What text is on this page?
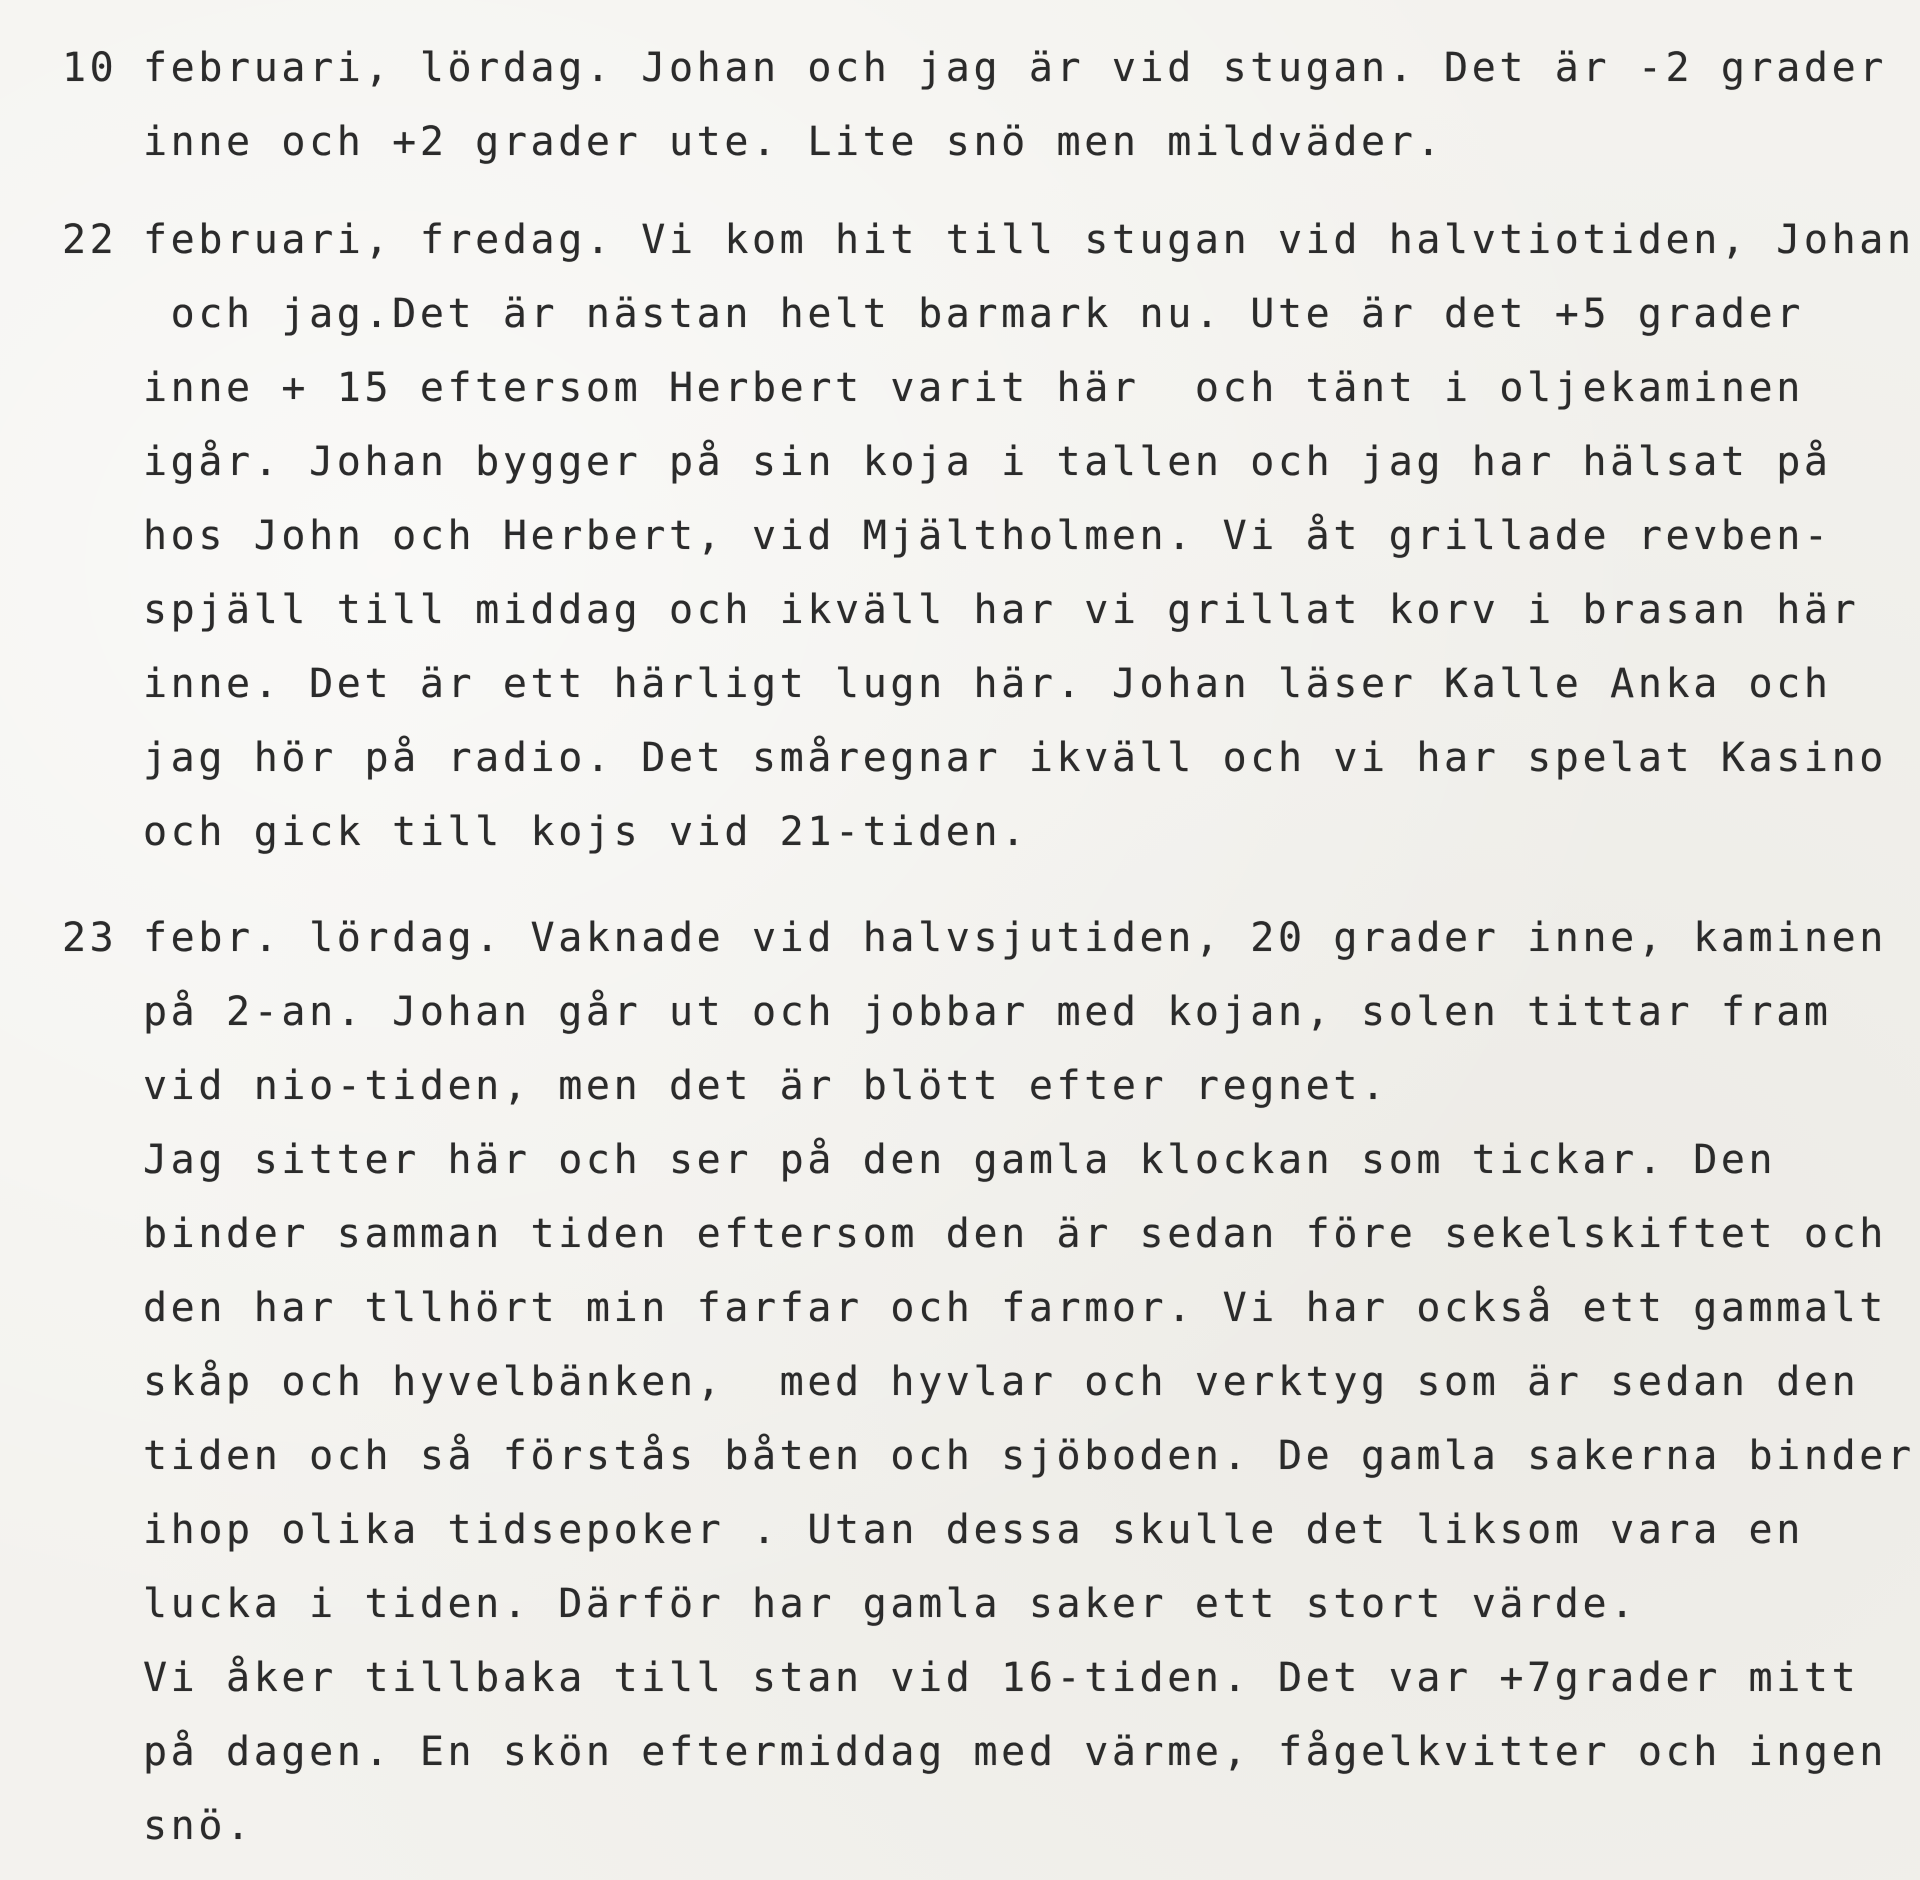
10 februari, lördag. Johan och jag är vid stugan. Det är -2 grader
inne och +2 grader ute. Lite snö men mildväder.
22 februari, fredag. Vi kom hit till stugan vid halvtiotiden, Johan
och jag.Det är nästan helt barmark nu. Ute är det +5 grader
inne + 15 eftersom Herbert varit här  och tänt i oljekaminen
igår. Johan bygger på sin koja i tallen och jag har hälsat på
hos John och Herbert, vid Mjältholmen. Vi åt grillade revben-
spjäll till middag och ikväll har vi grillat korv i brasan här
inne. Det är ett härligt lugn här. Johan läser Kalle Anka och
jag hör på radio. Det småregnar ikväll och vi har spelat Kasino
och gick till kojs vid 21-tiden.
23 febr. lördag. Vaknade vid halvsjutiden, 20 grader inne, kaminen
på 2-an. Johan går ut och jobbar med kojan, solen tittar fram
vid nio-tiden, men det är blött efter regnet.
Jag sitter här och ser på den gamla klockan som tickar. Den
binder samman tiden eftersom den är sedan före sekelskiftet och
den har tllhört min farfar och farmor. Vi har också ett gammalt
skåp och hyvelbänken,  med hyvlar och verktyg som är sedan den
tiden och så förstås båten och sjöboden. De gamla sakerna binder
ihop olika tidsepoker . Utan dessa skulle det liksom vara en
lucka i tiden. Därför har gamla saker ett stort värde.
Vi åker tillbaka till stan vid 16-tiden. Det var +7grader mitt
på dagen. En skön eftermiddag med värme, fågelkvitter och ingen
snö.
